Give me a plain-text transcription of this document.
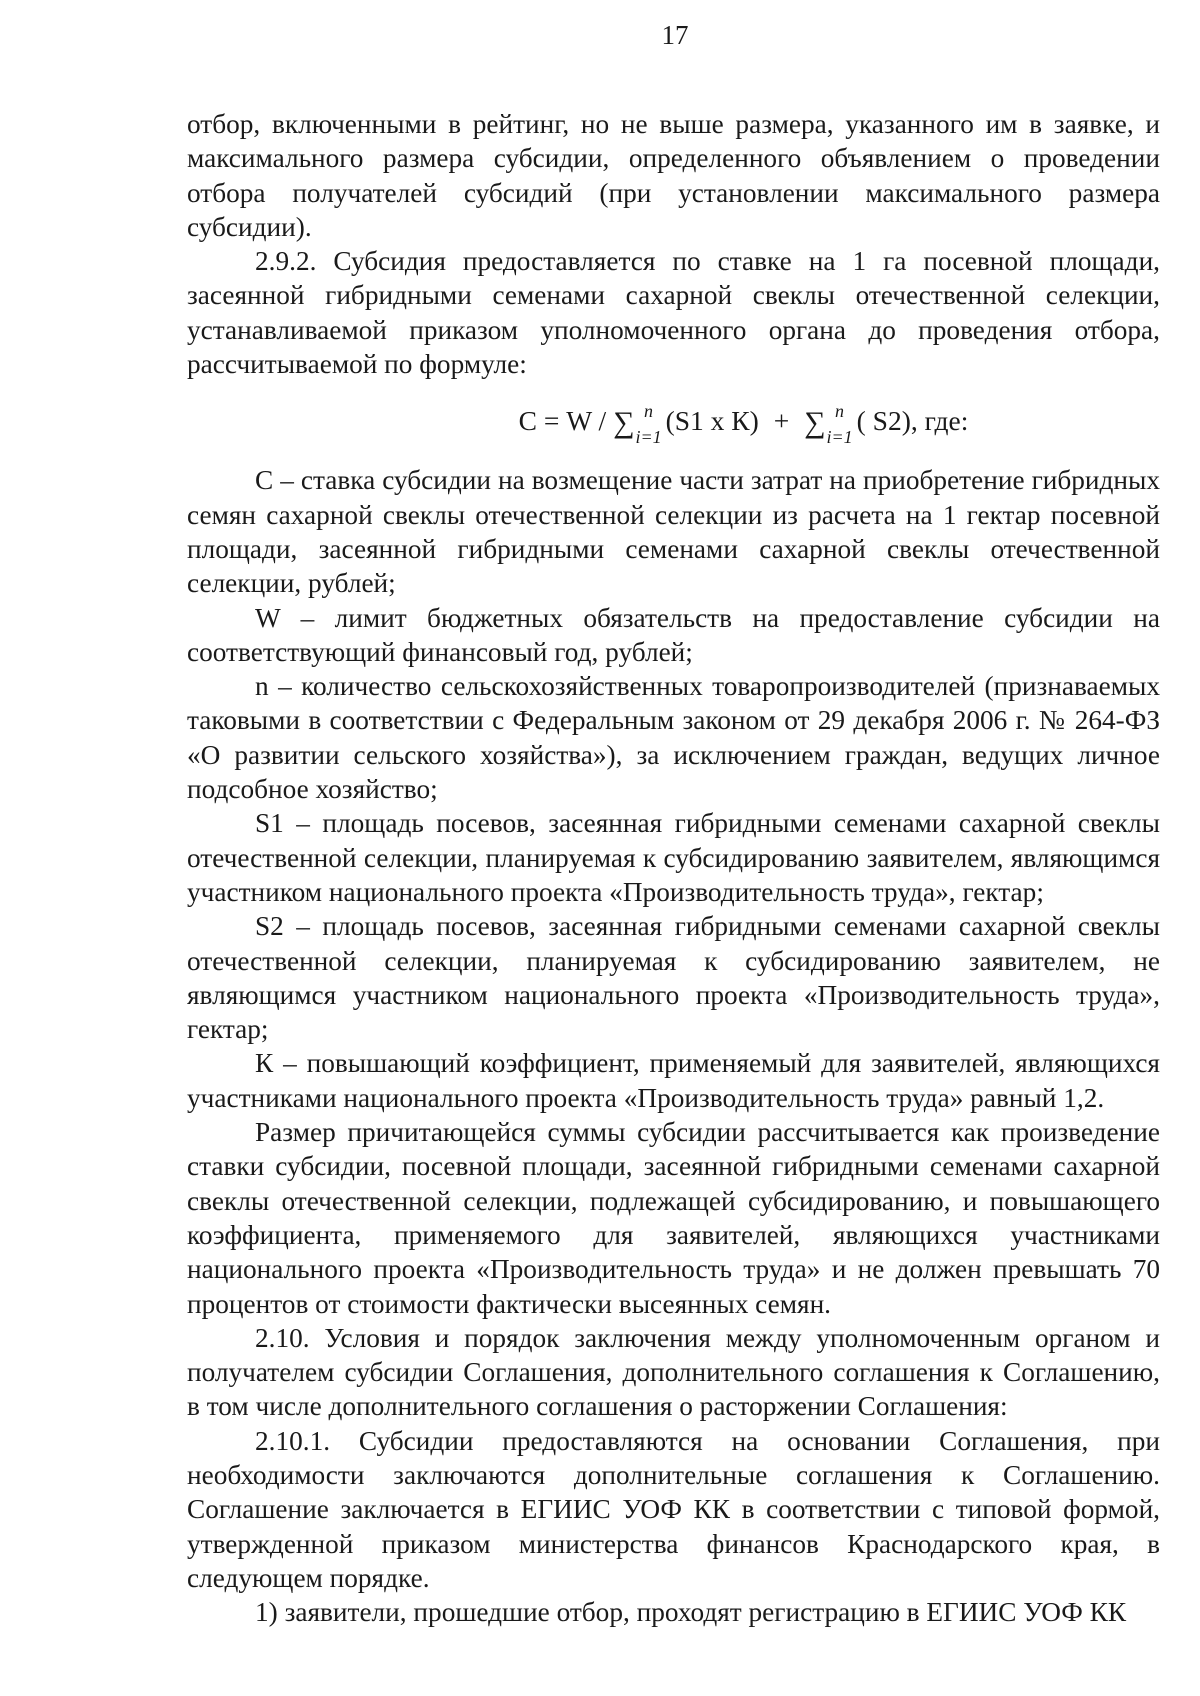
17

отбор, включенными в рейтинг, но не выше размера, указанного им в заявке, и максимального размера субсидии, определенного объявлением о проведении отбора получателей субсидий (при установлении максимального размера субсидии).

2.9.2. Субсидия предоставляется по ставке на 1 га посевной площади, засеянной гибридными семенами сахарной свеклы отечественной селекции, устанавливаемой приказом уполномоченного органа до проведения отбора, рассчитываемой по формуле:

С = W / ∑ n
i=1
(S1 x К) + ∑ n
i=1
( S2), где:

С – ставка субсидии на возмещение части затрат на приобретение гибридных семян сахарной свеклы отечественной селекции из расчета на 1 гектар посевной площади, засеянной гибридными семенами сахарной свеклы отечественной селекции, рублей;

W – лимит бюджетных обязательств на предоставление субсидии на соответствующий финансовый год, рублей;

n – количество сельскохозяйственных товаропроизводителей (признаваемых таковыми в соответствии с Федеральным законом от 29 декабря 2006 г. № 264-ФЗ «О развитии сельского хозяйства»), за исключением граждан, ведущих личное подсобное хозяйство;

S1 – площадь посевов, засеянная гибридными семенами сахарной свеклы отечественной селекции, планируемая к субсидированию заявителем, являющимся участником национального проекта «Производительность труда», гектар;

S2 – площадь посевов, засеянная гибридными семенами сахарной свеклы отечественной селекции, планируемая к субсидированию заявителем, не являющимся участником национального проекта «Производительность труда», гектар;

К – повышающий коэффициент, применяемый для заявителей, являющихся участниками национального проекта «Производительность труда» равный 1,2.

Размер причитающейся суммы субсидии рассчитывается как произведение ставки субсидии, посевной площади, засеянной гибридными семенами сахарной свеклы отечественной селекции, подлежащей субсидированию, и повышающего коэффициента, применяемого для заявителей, являющихся участниками национального проекта «Производительность труда» и не должен превышать 70 процентов от стоимости фактически высеянных семян.

2.10. Условия и порядок заключения между уполномоченным органом и получателем субсидии Соглашения, дополнительного соглашения к Соглашению, в том числе дополнительного соглашения о расторжении Соглашения:

2.10.1. Субсидии предоставляются на основании Соглашения, при необходимости заключаются дополнительные соглашения к Соглашению. Соглашение заключается в ЕГИИС УОФ КК в соответствии с типовой формой, утвержденной приказом министерства финансов Краснодарского края, в следующем порядке.

1) заявители, прошедшие отбор, проходят регистрацию в ЕГИИС УОФ КК
